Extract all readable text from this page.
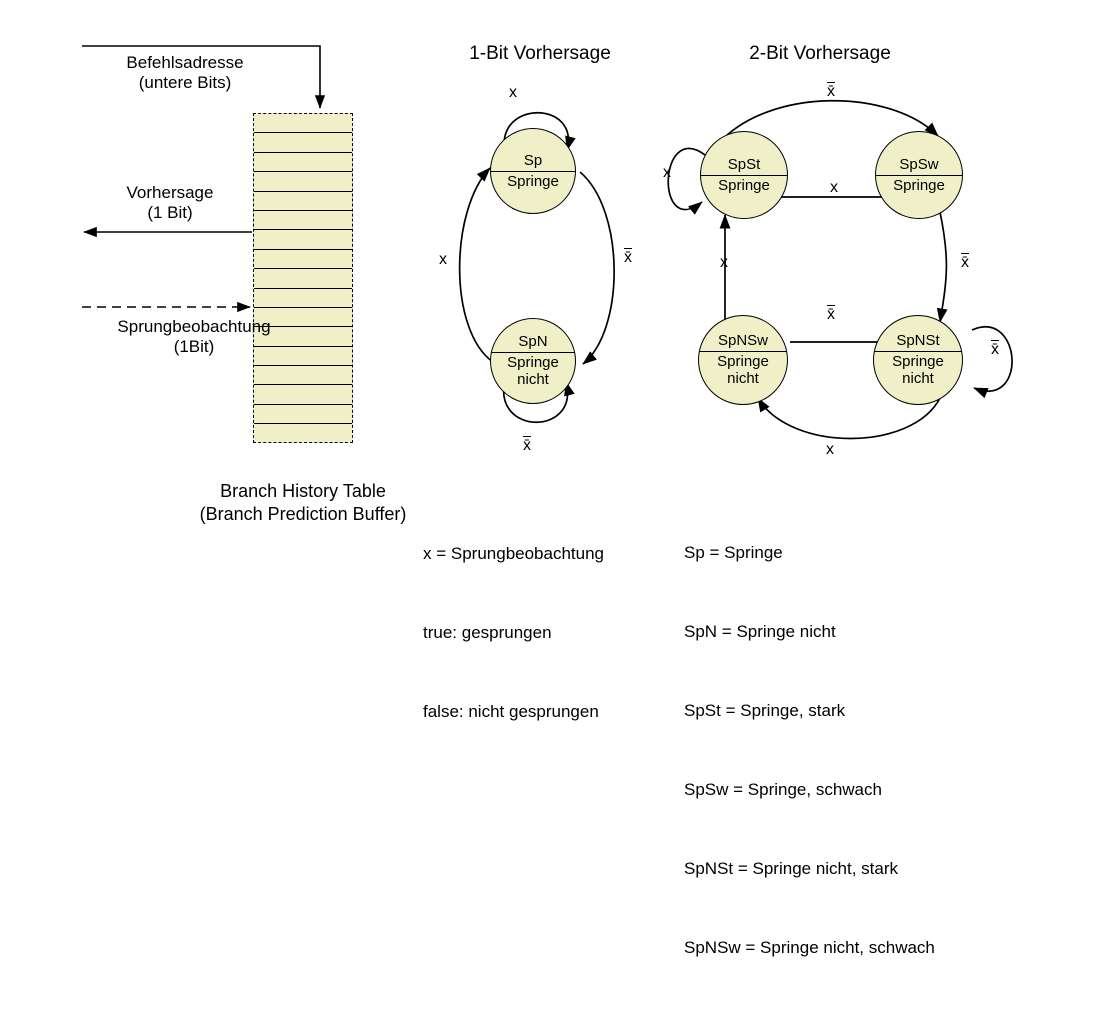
Befehlsadresse
(untere Bits)
Vorhersage
(1 Bit)
Sprungbeobachtung
(1Bit)
Branch History Table
(Branch Prediction Buffer)
1-Bit Vorhersage
Sp
Springe
SpN
Springe
nicht
x
x	x̄
x̄

x = Sprungbeobachtung

true: gesprungen

false: nicht gesprungen

2-Bit Vorhersage
SpSt
Springe
SpSw
Springe
SpNSw
Springe
nicht
SpNSt
Springe
nicht
x
x̄
x
x̄
x
x̄
x̄
x

Sp = Springe

SpN = Springe nicht

SpSt = Springe, stark

SpSw = Springe, schwach

SpNSt = Springe nicht, stark

SpNSw = Springe nicht, schwach
